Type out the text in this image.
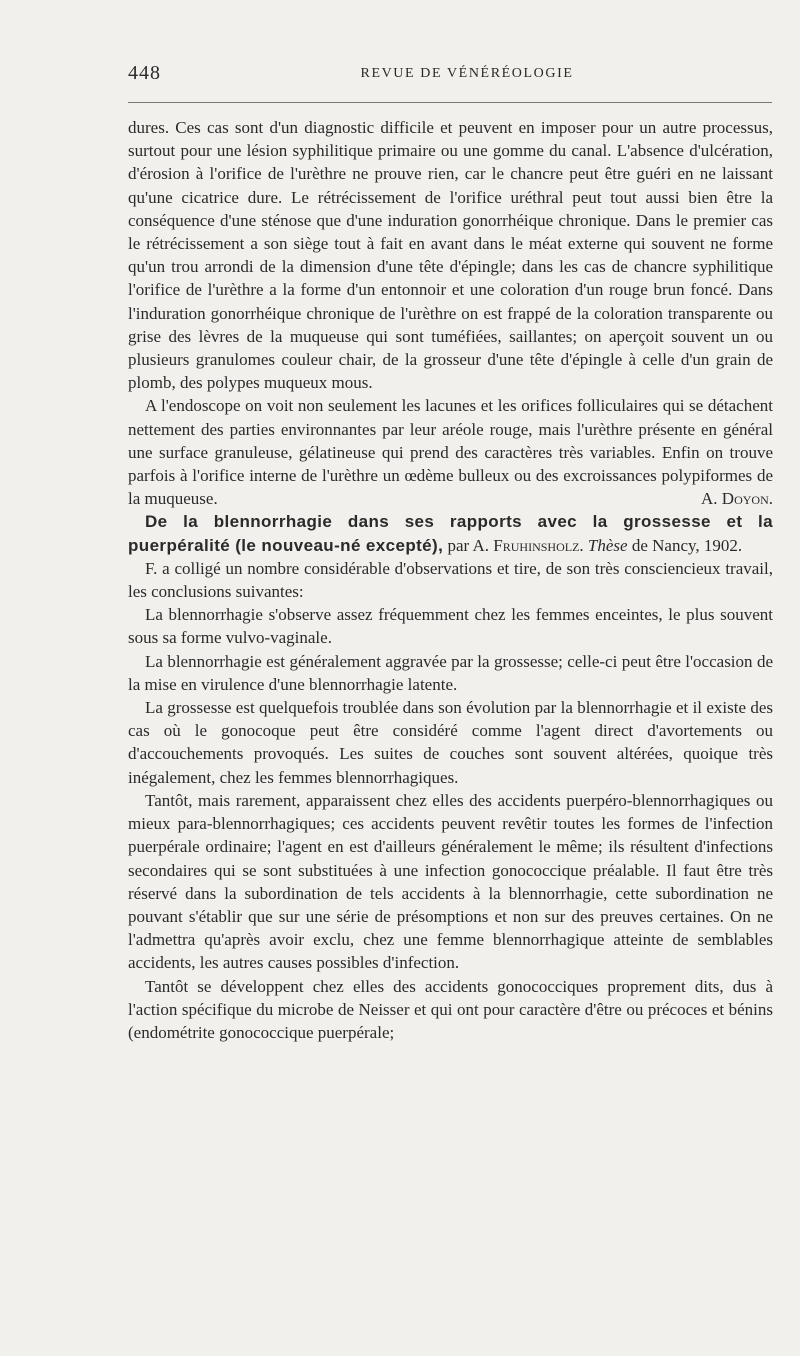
448	REVUE DE VÉNÉRÉOLOGIE

dures. Ces cas sont d'un diagnostic difficile et peuvent en imposer pour un autre processus, surtout pour une lésion syphilitique primaire ou une gomme du canal. L'absence d'ulcération, d'érosion à l'orifice de l'urèthre ne prouve rien, car le chancre peut être guéri en ne laissant qu'une cicatrice dure. Le rétrécissement de l'orifice uréthral peut tout aussi bien être la conséquence d'une sténose que d'une induration gonorrhéique chronique. Dans le premier cas le rétrécissement a son siège tout à fait en avant dans le méat externe qui souvent ne forme qu'un trou arrondi de la dimension d'une tête d'épingle; dans les cas de chancre syphilitique l'orifice de l'urèthre a la forme d'un entonnoir et une coloration d'un rouge brun foncé. Dans l'induration gonorrhéique chronique de l'urèthre on est frappé de la coloration transparente ou grise des lèvres de la muqueuse qui sont tuméfiées, saillantes; on aperçoit souvent un ou plusieurs granulomes couleur chair, de la grosseur d'une tête d'épingle à celle d'un grain de plomb, des polypes muqueux mous.

A l'endoscope on voit non seulement les lacunes et les orifices folliculaires qui se détachent nettement des parties environnantes par leur aréole rouge, mais l'urèthre présente en général une surface granuleuse, gélatineuse qui prend des caractères très variables. Enfin on trouve parfois à l'orifice interne de l'urèthre un œdème bulleux ou des excroissances polypiformes de la muqueuse.	A. Doyon.

De la blennorrhagie dans ses rapports avec la grossesse et la puerpéralité (le nouveau-né excepté), par A. Fruhinsholz. Thèse de Nancy, 1902.

F. a colligé un nombre considérable d'observations et tire, de son très consciencieux travail, les conclusions suivantes:

La blennorrhagie s'observe assez fréquemment chez les femmes enceintes, le plus souvent sous sa forme vulvo-vaginale.

La blennorrhagie est généralement aggravée par la grossesse; celle-ci peut être l'occasion de la mise en virulence d'une blennorrhagie latente.

La grossesse est quelquefois troublée dans son évolution par la blennorrhagie et il existe des cas où le gonocoque peut être considéré comme l'agent direct d'avortements ou d'accouchements provoqués. Les suites de couches sont souvent altérées, quoique très inégalement, chez les femmes blennorrhagiques.

Tantôt, mais rarement, apparaissent chez elles des accidents puerpéro-blennorrhagiques ou mieux para-blennorrhagiques; ces accidents peuvent revêtir toutes les formes de l'infection puerpérale ordinaire; l'agent en est d'ailleurs généralement le même; ils résultent d'infections secondaires qui se sont substituées à une infection gonococcique préalable. Il faut être très réservé dans la subordination de tels accidents à la blennorrhagie, cette subordination ne pouvant s'établir que sur une série de présomptions et non sur des preuves certaines. On ne l'admettra qu'après avoir exclu, chez une femme blennorrhagique atteinte de semblables accidents, les autres causes possibles d'infection.

Tantôt se développent chez elles des accidents gonococciques proprement dits, dus à l'action spécifique du microbe de Neisser et qui ont pour caractère d'être ou précoces et bénins (endométrite gonococcique puerpérale;
